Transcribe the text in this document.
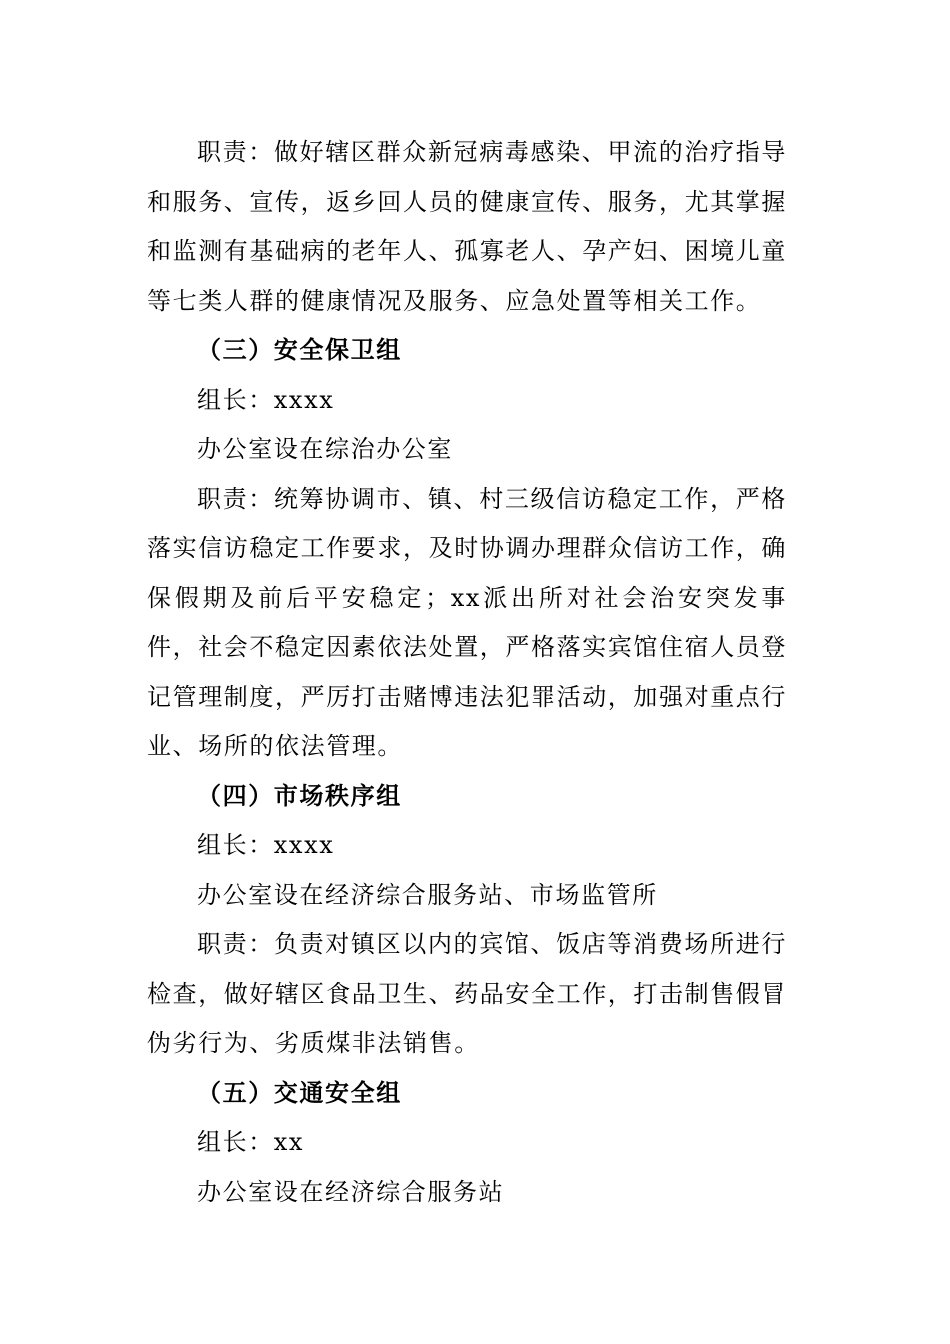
职责：做好辖区群众新冠病毒感染、甲流的治疗指导和服务、宣传，返乡回人员的健康宣传、服务，尤其掌握和监测有基础病的老年人、孤寡老人、孕产妇、困境儿童等七类人群的健康情况及服务、应急处置等相关工作。

（三）安全保卫组

组长：xxxx

办公室设在综治办公室

职责：统筹协调市、镇、村三级信访稳定工作，严格落实信访稳定工作要求，及时协调办理群众信访工作，确保假期及前后平安稳定；xx派出所对社会治安突发事件，社会不稳定因素依法处置，严格落实宾馆住宿人员登记管理制度，严厉打击赌博违法犯罪活动，加强对重点行业、场所的依法管理。

（四）市场秩序组

组长：xxxx

办公室设在经济综合服务站、市场监管所

职责：负责对镇区以内的宾馆、饭店等消费场所进行检查，做好辖区食品卫生、药品安全工作，打击制售假冒伪劣行为、劣质煤非法销售。

（五）交通安全组

组长：xx

办公室设在经济综合服务站
